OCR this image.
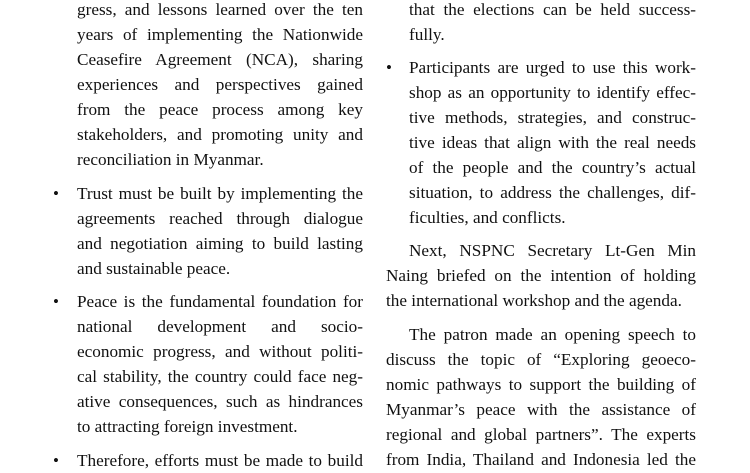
gress, and lessons learned over the ten
years of implementing the Nationwide
Ceasefire Agreement (NCA), sharing
experiences and perspectives gained
from the peace process among key
stakeholders, and promoting unity and
reconciliation in Myanmar.
•	Trust must be built by implementing the
agreements reached through dialogue
and negotiation aiming to build lasting
and sustainable peace.
•	Peace is the fundamental foundation for
national development and socio-
economic progress, and without politi-
cal stability, the country could face neg-
ative consequences, such as hindrances
to attracting foreign investment.
•	Therefore, efforts must be made to build
that the elections can be held success-
fully.
• Participants are urged to use this work-
shop as an opportunity to identify effec-
tive methods, strategies, and construc-
tive ideas that align with the real needs
of the people and the country’s actual
situation, to address the challenges, dif-
ficulties, and conflicts.
Next, NSPNC Secretary Lt-Gen Min
Naing briefed on the intention of holding
the international workshop and the agenda.
The patron made an opening speech to
discuss the topic of “Exploring geoeco-
nomic pathways to support the building of
Myanmar’s peace with the assistance of
regional and global partners”. The experts
from India, Thailand and Indonesia led the
